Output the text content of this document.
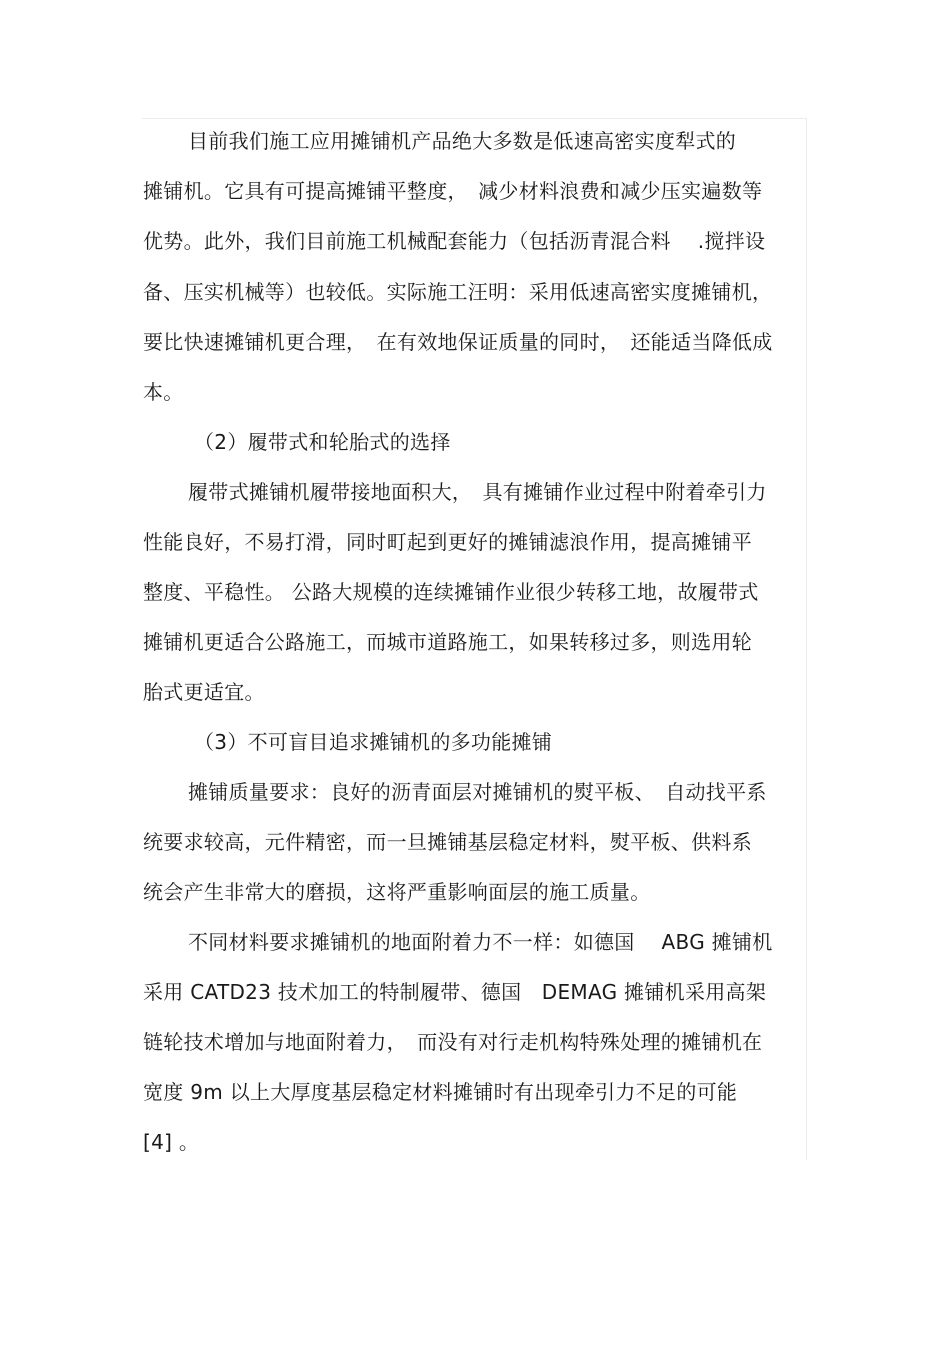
目前我们施工应用摊铺机产品绝大多数是低速高密实度犁式的
摊铺机。它具有可提高摊铺平整度，　减少材料浪费和减少压实遍数等
优势。此外，我们目前施工机械配套能力（包括沥青混合料　 .搅拌设
备、压实机械等）也较低。实际施工汪明：采用低速高密实度摊铺机，
要比快速摊铺机更合理，　在有效地保证质量的同时，　还能适当降低成
本。
（2）履带式和轮胎式的选择
履带式摊铺机履带接地面积大，　具有摊铺作业过程中附着牵引力
性能良好，不易打滑，同时町起到更好的摊铺滤浪作用，提高摊铺平
整度、平稳性。 公路大规模的连续摊铺作业很少转移工地，故履带式
摊铺机更适合公路施工，而城市道路施工，如果转移过多，则选用轮
胎式更适宜。
（3）不可盲目追求摊铺机的多功能摊铺
摊铺质量要求：良好的沥青面层对摊铺机的熨平板、　自动找平系
统要求较高，元件精密，而一旦摊铺基层稳定材料，熨平板、供料系
统会产生非常大的磨损，这将严重影响面层的施工质量。
不同材料要求摊铺机的地面附着力不一样：如德国　 ABG 摊铺机
采用 CATD23 技术加工的特制履带、德国　DEMAG 摊铺机采用高架
链轮技术增加与地面附着力，　而没有对行走机构特殊处理的摊铺机在
宽度 9m 以上大厚度基层稳定材料摊铺时有出现牵引力不足的可能
[4] 。
